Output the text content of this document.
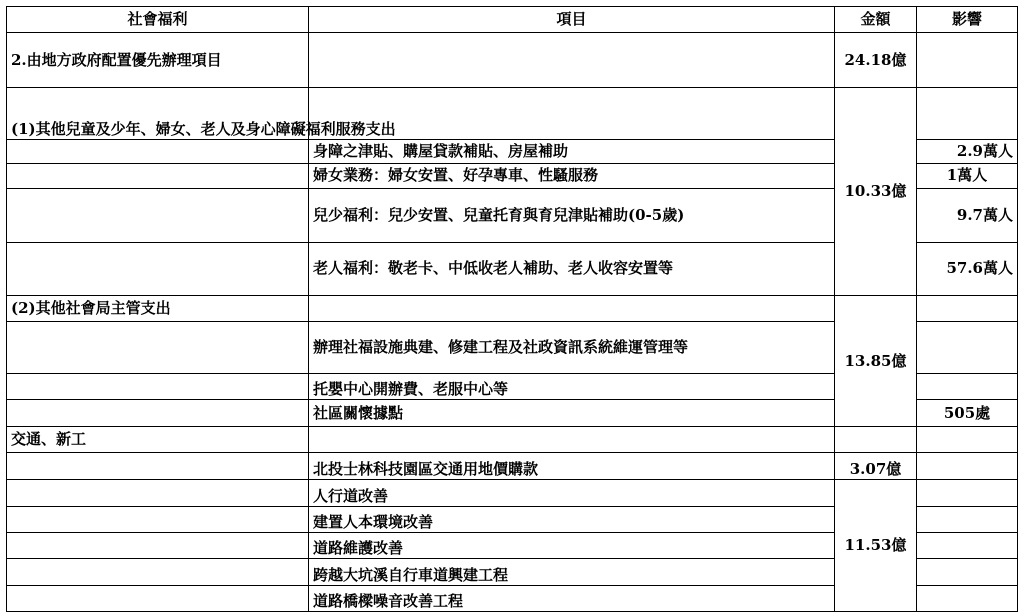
社會福利	項目	金額	影響
2.由地方政府配置優先辦理項目		24.18億	
(1)其他兒童及少年、婦女、老人及身心障礙福利服務支出		10.33億	
	身障之津貼、購屋貸款補貼、房屋補助		2.9萬人
	婦女業務：婦女安置、好孕專車、性騷服務		1萬人
	兒少福利：兒少安置、兒童托育與育兒津貼補助(0-5歲)		9.7萬人
	老人福利：敬老卡、中低收老人補助、老人收容安置等		57.6萬人
(2)其他社會局主管支出		13.85億	
	辦理社福設施典建、修建工程及社政資訊系統維運管理等		
	托嬰中心開辦費、老服中心等		
	社區關懷據點		505處
交通、新工			
	北投士林科技園區交通用地價購款	3.07億	
	人行道改善	11.53億	
	建置人本環境改善		
	道路維護改善		
	跨越大坑溪自行車道興建工程		
	道路橋樑噪音改善工程		
